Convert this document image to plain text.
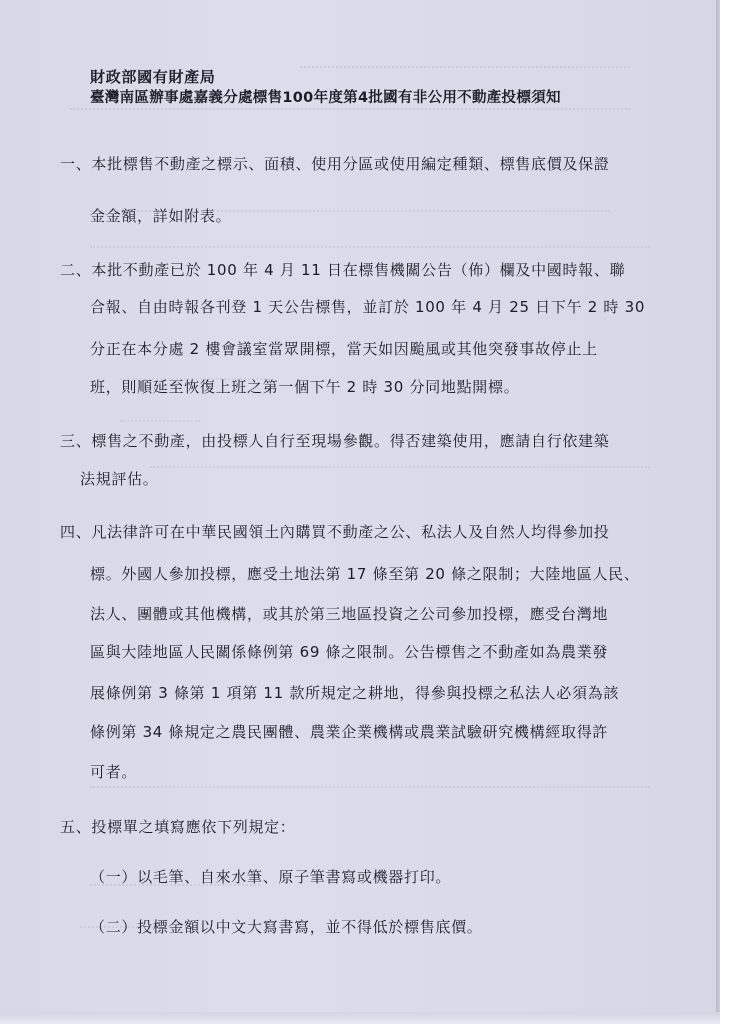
財政部國有財產局
臺灣南區辦事處嘉義分處標售100年度第4批國有非公用不動產投標須知
一、本批標售不動產之標示、面積、使用分區或使用編定種類、標售底價及保證
金金額，詳如附表。
二、本批不動產已於 100 年 4 月 11 日在標售機關公告（佈）欄及中國時報、聯
合報、自由時報各刊登 1 天公告標售，並訂於 100 年 4 月 25 日下午 2 時 30
分正在本分處 2 樓會議室當眾開標，當天如因颱風或其他突發事故停止上
班，則順延至恢復上班之第一個下午 2 時 30 分同地點開標。
三、標售之不動產，由投標人自行至現場參觀。得否建築使用，應請自行依建築
法規評估。
四、凡法律許可在中華民國領土內購買不動產之公、私法人及自然人均得參加投
標。外國人參加投標，應受土地法第 17 條至第 20 條之限制；大陸地區人民、
法人、團體或其他機構，或其於第三地區投資之公司參加投標，應受台灣地
區與大陸地區人民關係條例第 69 條之限制。公告標售之不動產如為農業發
展條例第 3 條第 1 項第 11 款所規定之耕地，得參與投標之私法人必須為該
條例第 34 條規定之農民團體、農業企業機構或農業試驗研究機構經取得許
可者。
五、投標單之填寫應依下列規定：
（一）以毛筆、自來水筆、原子筆書寫或機器打印。
（二）投標金額以中文大寫書寫，並不得低於標售底價。
